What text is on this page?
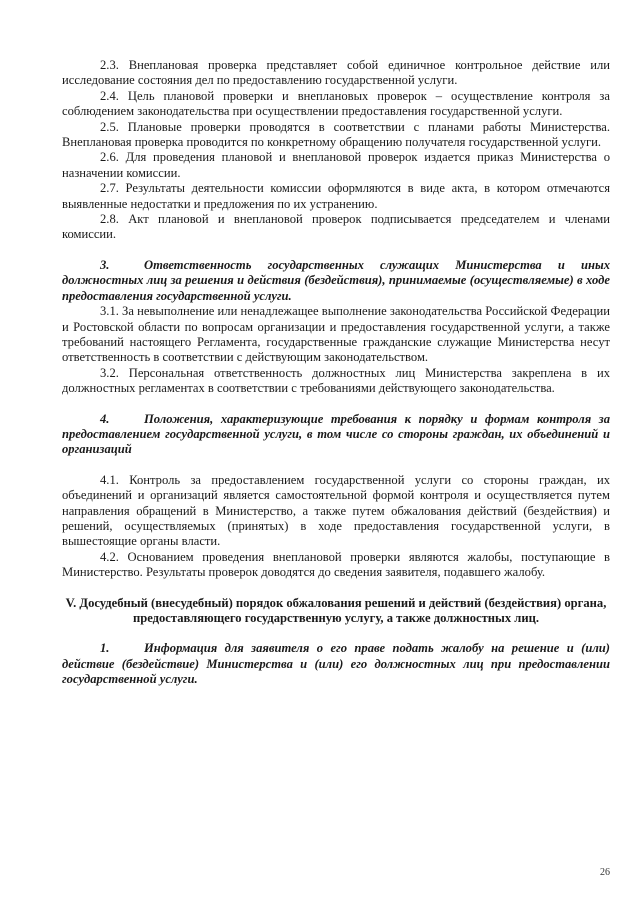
2.3. Внеплановая проверка представляет собой единичное контрольное действие или исследование состояния дел по предоставлению государственной услуги.

2.4. Цель плановой проверки и внеплановых проверок – осуществление контроля за соблюдением законодательства при осуществлении предоставления государственной услуги.

2.5. Плановые проверки проводятся в соответствии с планами работы Министерства. Внеплановая проверка проводится по конкретному обращению получателя государственной услуги.

2.6. Для проведения плановой и внеплановой проверок издается приказ Министерства о назначении комиссии.

2.7. Результаты деятельности комиссии оформляются в виде акта, в котором отмечаются выявленные недостатки и предложения по их устранению.

2.8. Акт плановой и внеплановой проверок подписывается председателем и членами комиссии.

3.	Ответственность государственных служащих Министерства и иных должностных лиц за решения и действия (бездействия), принимаемые (осуществляемые) в ходе предоставления государственной услуги.

3.1. За невыполнение или ненадлежащее выполнение законодательства Российской Федерации и Ростовской области по вопросам организации и предоставления государственной услуги, а также требований настоящего Регламента, государственные гражданские служащие Министерства несут ответственность в соответствии с действующим законодательством.

3.2. Персональная ответственность должностных лиц Министерства закреплена в их должностных регламентах в соответствии с требованиями действующего законодательства.

4.	Положения, характеризующие требования к порядку и формам контроля за предоставлением государственной услуги, в том числе со стороны граждан, их объединений и организаций

4.1. Контроль за предоставлением государственной услуги со стороны граждан, их объединений и организаций является самостоятельной формой контроля и осуществляется путем направления обращений в Министерство, а также путем обжалования действий (бездействия) и решений, осуществляемых (принятых) в ходе предоставления государственной услуги, в вышестоящие органы власти.

4.2. Основанием проведения внеплановой проверки являются жалобы, поступающие в Министерство. Результаты проверок доводятся до сведения заявителя, подавшего жалобу.

V. Досудебный (внесудебный) порядок обжалования решений и действий (бездействия) органа, предоставляющего государственную услугу, а также должностных лиц.

1.	Информация для заявителя о его праве подать жалобу на решение и (или) действие (бездействие) Министерства и (или) его должностных лиц при предоставлении государственной услуги.

26
